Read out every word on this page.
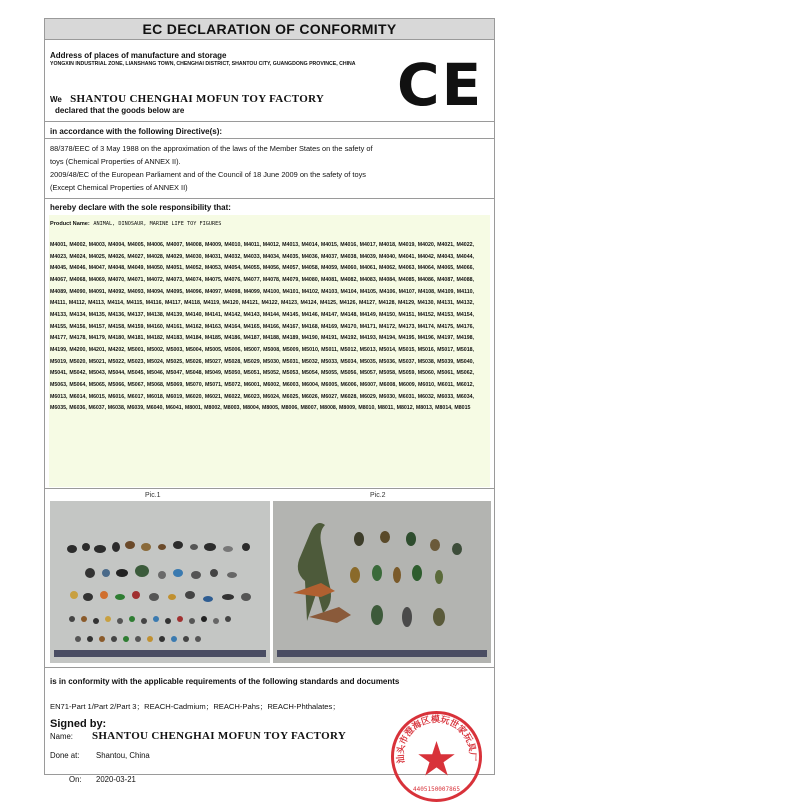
EC DECLARATION OF CONFORMITY
Address of places of manufacture and storage
YONGXIN INDUSTRIAL ZONE, LIANSHANG TOWN, CHENGHAI DISTRICT, SHANTOU CITY, GUANGDONG PROVINCE, CHINA CE
We SHANTOU CHENGHAI MOFUN TOY FACTORY
declared that the goods below are
in accordance with the following Directive(s):
88/378/EEC of 3 May 1988 on the approximation of the laws of the Member States on the safety of
toys (Chemical Properties of ANNEX II).
2009/48/EC of the European Parliament and of the Council of 18 June 2009 on the safety of toys
(Except Chemical Properties of ANNEX II)
hereby declare with the sole responsibility that:
Product Name: ANIMAL, DINOSAUR, MARINE LIFE TOY FIGURES
M4001, M4002, M4003, M4004, M4005, M4006, M4007, M4008, M4009, M4010, M4011, M4012, M4013, M4014, M4015, M4016, M4017, M4018, M4019, M4020, M4021, M4022, M4023, M4024, M4025, M4026, M4027, M4028, M4029, M4030, M4031, M4032, M4033, M4034, M4035, M4036, M4037, M4038, M4039, M4040, M4041, M4042, M4043, M4044, M4045, M4046, M4047, M4048, M4049, M4050, M4051, M4052, M4053, M4054, M4055, M4056, M4057, M4058, M4059, M4060, M4061, M4062, M4063, M4064, M4065, M4066, M4067, M4068, M4069, M4070, M4071, M4072, M4073, M4074, M4075, M4076, M4077, M4078, M4079, M4080, M4081, M4082, M4083, M4084, M4085, M4086, M4087, M4088, M4089, M4090, M4091, M4092, M4093, M4094, M4095, M4096, M4097, M4098, M4099, M4100, M4101, M4102, M4103, M4104, M4105, M4106, M4107, M4108, M4109, M4110, M4111, M4112, M4113, M4114, M4115, M4116, M4117, M4118, M4119, M4120, M4121, M4122, M4123, M4124, M4125, M4126, M4127, M4128, M4129, M4130, M4131, M4132, M4133, M4134, M4135, M4136, M4137, M4138, M4139, M4140, M4141, M4142, M4143, M4144, M4145, M4146, M4147, M4148, M4149, M4150, M4151, M4152, M4153, M4154, M4155, M4156, M4157, M4158, M4159, M4160, M4161, M4162, M4163, M4164, M4165, M4166, M4167, M4168, M4169, M4170, M4171, M4172, M4173, M4174, M4175, M4176, M4177, M4178, M4179, M4180, M4181, M4182, M4183, M4184, M4185, M4186, M4187, M4188, M4189, M4190, M4191, M4192, M4193, M4194, M4195, M4196, M4197, M4198, M4199, M4200, M4201, M4202, M5001, M5002, M5003, M5004, M5005, M5006, M5007, M5008, M5009, M5010, M5011, M5012, M5013, M5014, M5015, M5016, M5017, M5018, M5019, M5020, M5021, M5022, M5023, M5024, M5025, M5026, M5027, M5028, M5029, M5030, M5031, M5032, M5033, M5034, M5035, M5036, M5037, M5038, M5039, M5040, M5041, M5042, M5043, M5044, M5045, M5046, M5047, M5048, M5049, M5050, M5051, M5052, M5053, M5054, M5055, M5056, M5057, M5058, M5059, M5060, M5061, M5062, M5063, M5064, M5065, M5066, M5067, M5068, M5069, M5070, M5071, M5072, M6001, M6002, M6003, M6004, M6005, M6006, M6007, M6008, M6009, M6010, M6011, M6012, M6013, M6014, M6015, M6016, M6017, M6018, M6019, M6020, M6021, M6022, M6023, M6024, M6025, M6026, M6027, M6028, M6029, M6030, M6031, M6032, M6033, M6034, M6035, M6036, M6037, M6038, M6039, M6040, M6041, M8001, M8002, M8003, M8004, M8005, M8006, M8007, M8008, M8009, M8010, M8011, M8012, M8013, M8014, M8015
Pic.1	Pic.2
is in conformity with the applicable requirements of the following standards and documents
EN71-Part 1/Part 2/Part 3；REACH-Cadmium；REACH-Pahs；REACH-Phthalates；
Signed by:
Name: SHANTOU CHENGHAI MOFUN TOY FACTORY
Done at: Shantou, China
On: 2020-03-21
汕头市澄海区模玩世家玩具厂
4405150007865
